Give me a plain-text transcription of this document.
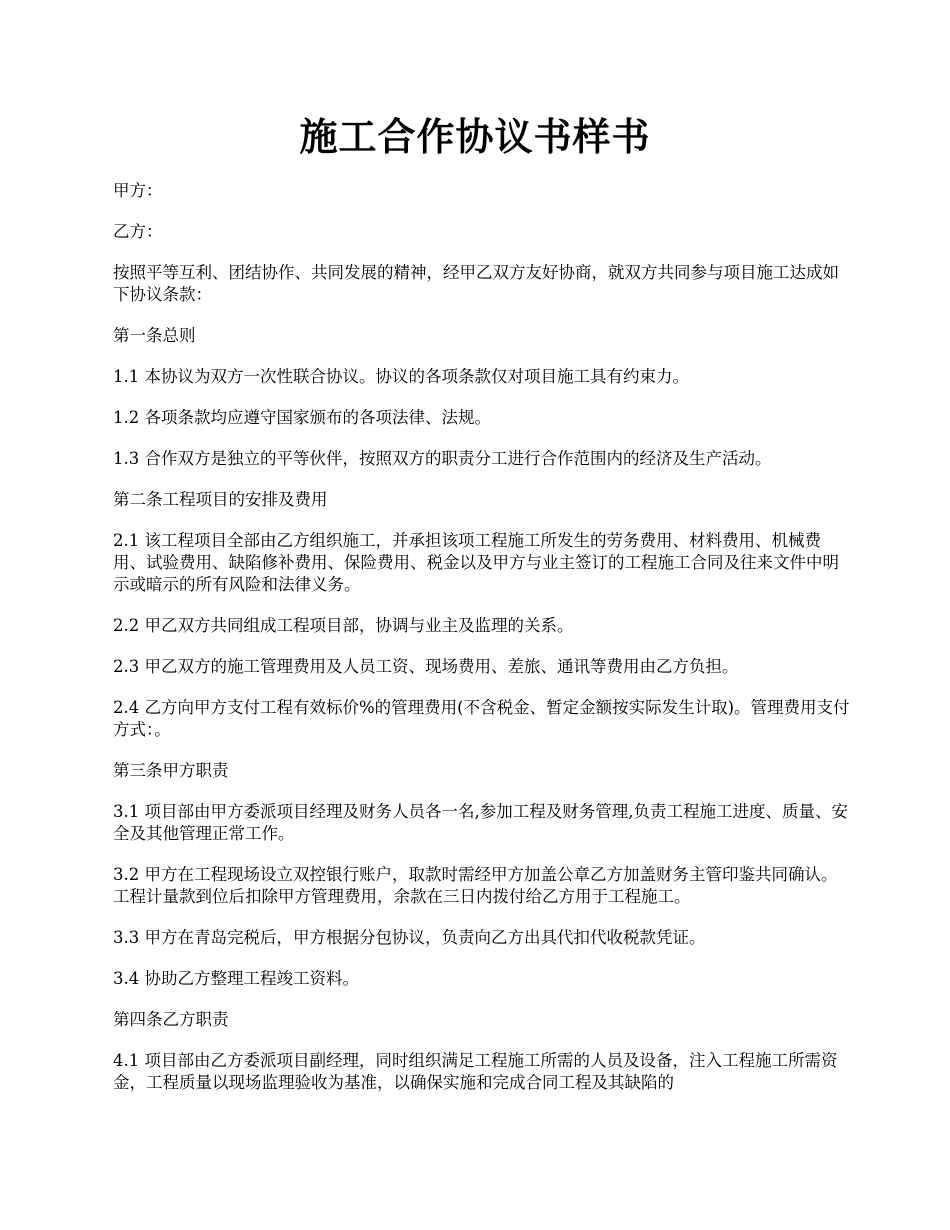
施工合作协议书样书

甲方：

乙方：

按照平等互利、团结协作、共同发展的精神，经甲乙双方友好协商，就双方共同参与项目施工达成如下协议条款：

第一条总则

1.1 本协议为双方一次性联合协议。协议的各项条款仅对项目施工具有约束力。

1.2 各项条款均应遵守国家颁布的各项法律、法规。

1.3 合作双方是独立的平等伙伴，按照双方的职责分工进行合作范围内的经济及生产活动。

第二条工程项目的安排及费用

2.1 该工程项目全部由乙方组织施工，并承担该项工程施工所发生的劳务费用、材料费用、机械费用、试验费用、缺陷修补费用、保险费用、税金以及甲方与业主签订的工程施工合同及往来文件中明示或暗示的所有风险和法律义务。

2.2 甲乙双方共同组成工程项目部，协调与业主及监理的关系。

2.3 甲乙双方的施工管理费用及人员工资、现场费用、差旅、通讯等费用由乙方负担。

2.4 乙方向甲方支付工程有效标价%的管理费用(不含税金、暂定金额按实际发生计取)。管理费用支付方式：。

第三条甲方职责

3.1 项目部由甲方委派项目经理及财务人员各一名,参加工程及财务管理,负责工程施工进度、质量、安全及其他管理正常工作。

3.2 甲方在工程现场设立双控银行账户，取款时需经甲方加盖公章乙方加盖财务主管印鉴共同确认。工程计量款到位后扣除甲方管理费用，余款在三日内拨付给乙方用于工程施工。

3.3 甲方在青岛完税后，甲方根据分包协议，负责向乙方出具代扣代收税款凭证。

3.4 协助乙方整理工程竣工资料。

第四条乙方职责

4.1 项目部由乙方委派项目副经理，同时组织满足工程施工所需的人员及设备，注入工程施工所需资金，工程质量以现场监理验收为基准，以确保实施和完成合同工程及其缺陷的
